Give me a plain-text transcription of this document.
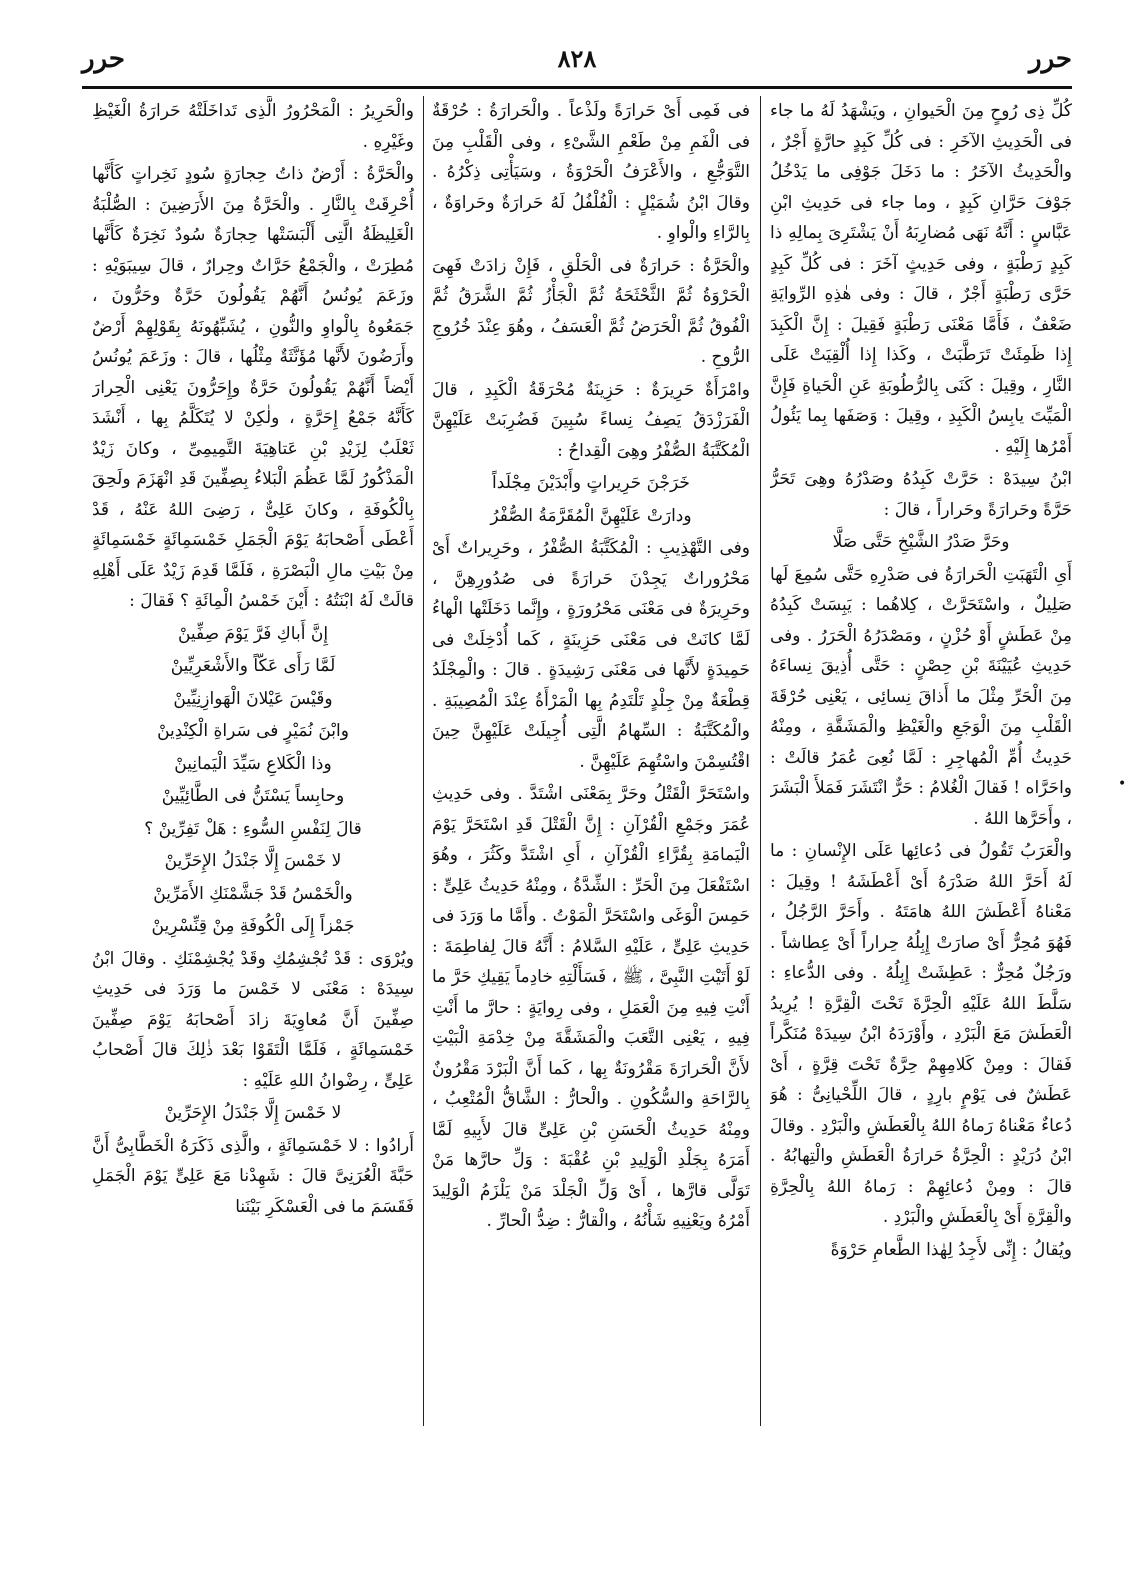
حرر
٨٢٨
حرر

كُلِّ ذِى رُوحٍ مِنَ الْحَيوانِ ، ويَشْهَدُ لَهُ ما جاء فى الْحَدِيثِ الآخَرِ : فى كُلِّ كَبِدٍ حارَّةٍ أَجْرٌ ، والْحَدِيثُ الآخَرُ : ما دَخَلَ جَوْفِى ما يَدْخُلُ جَوْفَ حَرَّانِ كَبِدٍ ، وما جاء فى حَدِيثِ ابْنِ عَبَّاسٍ : أَنَّهُ نَهَى مُضارِبَهُ أَنْ يَشْتَرِىَ بِمالِهِ ذا كَبِدٍ رَطْبَةٍ ، وفى حَدِيثٍ آخَرَ : فى كُلِّ كَبِدٍ حَرَّى رَطْبَةٍ أَجْرٌ ، قالَ : وفى هٰذِهِ الرِّوايَةِ ضَعْفٌ ، فَأَمَّا مَعْنَى رَطْبَةٍ فَقِيلَ : إِنَّ الْكَبِدَ إِذا ظَمِئَتْ تَرَطَّبَتْ ، وكَذا إِذا أُلْقِيَتْ عَلَى النَّارِ ، وقِيلَ : كَنَى بِالرُّطُوبَةِ عَنِ الْحَياةِ فَإِنَّ الْمَيِّتَ يابِسُ الْكَبِدِ ، وقِيلَ : وَصَفَها بِما يَئُولُ أَمْرُها إِلَيْهِ .

ابْنُ سِيدَهْ : حَرَّتْ كَبِدُهُ وصَدْرُهُ وهِىَ تَحَرُّ حَرَّةً وحَرارَةً وحَراراً ، قالَ :

وحَرَّ صَدْرُ الشَّيْخِ حَتَّى صَلَّا

أَىِ الْتَهَبَتِ الْحَرارَةُ فى صَدْرِهِ حَتَّى سُمِعَ لَها صَلِيلٌ ، واسْتَحَرَّتْ ، كِلاهُما : يَبِسَتْ كَبِدُهُ مِنْ عَطَشٍ أَوْ حُزْنٍ ، ومَصْدَرُهُ الْحَرَرُ . وفى حَدِيثِ عُيَيْنَةَ بْنِ حِصْنٍ : حَتَّى أُذِيقَ نِساءَهُ مِنَ الْحَرِّ مِثْلَ ما أَذاقَ نِسائِى ، يَعْنِى حُرْقَةَ الْقَلْبِ مِنَ الْوَجَعِ والْغَيْظِ والْمَشَقَّةِ ، ومِنْهُ حَدِيثُ أُمِّ الْمُهاجِرِ : لَمَّا نُعِىَ عُمَرُ قالَتْ : واحَرَّاه ! فَقالَ الْغُلامُ : حَرٌّ انْتَشَرَ فَمَلأَ الْبَشَرَ ، وأَحَرَّها اللهُ .

والْعَرَبُ تَقُولُ فى دُعائِها عَلَى الإِنْسانِ : ما لَهُ أَحَرَّ اللهُ صَدْرَهُ أَىْ أَعْطَشَهُ ! وقِيلَ : مَعْناهُ أَعْطَشَ اللهُ هامَتَهُ . وأَحَرَّ الرَّجُلُ ، فَهُوَ مُحِرٌّ أَىْ صارَتْ إِبِلُهُ حِراراً أَىْ عِطاشاً . ورَجُلٌ مُحِرٌّ : عَطِشَتْ إِبِلُهُ . وفى الدُّعاءِ : سَلَّطَ اللهُ عَلَيْهِ الْحِرَّةَ تَحْتَ الْقِرَّةِ ! يُرِيدُ الْعَطَشَ مَعَ الْبَرْدِ ، وأَوْرَدَهُ ابْنُ سِيدَهْ مُنَكَّراً فَقالَ : ومِنْ كَلامِهِمْ حِرَّةٌ تَحْتَ قِرَّةٍ ، أَىْ عَطَشٌ فى يَوْمٍ بارِدٍ ، قالَ اللِّحْيانِىُّ : هُوَ دُعاءٌ مَعْناهُ رَماهُ اللهُ بِالْعَطَشِ والْبَرْدِ . وقالَ ابْنُ دُرَيْدٍ : الْحِرَّةُ حَرارَةُ الْعَطَشِ والْتِهابُهُ . قالَ : ومِنْ دُعائِهِمْ : رَماهُ اللهُ بِالْحِرَّةِ والْقِرَّةِ أَىْ بِالْعَطَشِ والْبَرْدِ .

ويُقالُ : إِنِّى لأَجِدُ لِهٰذا الطَّعامِ حَرْوَةً

فى فَمِى أَىْ حَرارَةً ولَذْعاً . والْحَرارَةُ : حُرْقَةٌ فى الْفَمِ مِنْ طَعْمِ الشَّىْءِ ، وفى الْقَلْبِ مِنَ التَّوَجُّعِ ، والأَعْرَفُ الْحَرْوَةُ ، وسَيَأْتِى ذِكْرُهُ . وقالَ ابْنُ شُمَيْلٍ : الْفُلْفُلُ لَهُ حَرارَةٌ وحَراوَةٌ ، بِالرَّاءِ والْواوِ .

والْحَرَّةُ : حَرارَةٌ فى الْحَلْقِ ، فَإِنْ زادَتْ فَهِىَ الْحَرْوَةُ ثُمَّ الثَّحْثَحَةُ ثُمَّ الْجَأْزُ ثُمَّ الشَّرَقُ ثُمَّ الْفُوقُ ثُمَّ الْحَرَضُ ثُمَّ الْعَسَفُ ، وهُوَ عِنْدَ خُرُوجِ الرُّوحِ .

وامْرَأَةٌ حَرِيرَةٌ : حَزِينَةٌ مُحْرَقَةُ الْكَبِدِ ، قالَ الْفَرَزْدَقُ يَصِفُ نِساءً سُبِينَ فَضُرِبَتْ عَلَيْهِنَّ الْمُكَتَّبَةُ الصُّفْرُ وهِىَ الْقِداحُ :

خَرَجْنَ حَرِيراتٍ وأَبْدَيْنَ مِجْلَداً

ودارَتْ عَلَيْهِنَّ الْمُقَرَّمَةُ الصُّفْرُ

وفى التَّهْذِيبِ : الْمُكَتَّبَةُ الصُّفْرُ ، وحَرِيراتٌ أَىْ مَحْرُوراتٌ يَجِدْنَ حَرارَةً فى صُدُورِهِنَّ ، وحَرِيرَةٌ فى مَعْنَى مَحْرُورَةٍ ، وإِنَّما دَخَلَتْها الْهاءُ لَمَّا كانَتْ فى مَعْنَى حَزِينَةٍ ، كَما أُدْخِلَتْ فى حَمِيدَةٍ لأَنَّها فى مَعْنَى رَشِيدَةٍ . قالَ : والْمِجْلَدُ قِطْعَةٌ مِنْ جِلْدٍ تَلْتَدِمُ بِها الْمَرْأَةُ عِنْدَ الْمُصِيبَةِ . والْمُكَتَّبَةُ : السِّهامُ الَّتِى أُجِيلَتْ عَلَيْهِنَّ حِينَ اقْتُسِمْنَ واسْتُهِمَ عَلَيْهِنَّ .

واسْتَحَرَّ الْقَتْلُ وحَرَّ بِمَعْنَى اشْتَدَّ . وفى حَدِيثِ عُمَرَ وجَمْعِ الْقُرْآنِ : إِنَّ الْقَتْلَ قَدِ اسْتَحَرَّ يَوْمَ الْيَمامَةِ بِقُرَّاءِ الْقُرْآنِ ، أَىِ اشْتَدَّ وكَثُرَ ، وهُوَ اسْتَفْعَلَ مِنَ الْحَرِّ : الشِّدَّةُ ، ومِنْهُ حَدِيثُ عَلِىٍّ : حَمِسَ الْوَغَى واسْتَحَرَّ الْمَوْتُ . وأَمَّا ما وَرَدَ فى حَدِيثِ عَلِىٍّ ، عَلَيْهِ السَّلامُ : أَنَّهُ قالَ لِفاطِمَةَ : لَوْ أَتَيْتِ النَّبِىَّ ، ﷺ ، فَسَأَلْتِهِ خادِماً يَقِيكِ حَرَّ ما أَنْتِ فِيهِ مِنَ الْعَمَلِ ، وفى رِوايَةٍ : حارَّ ما أَنْتِ فِيهِ ، يَعْنِى التَّعَبَ والْمَشَقَّةَ مِنْ خِدْمَةِ الْبَيْتِ لأَنَّ الْحَرارَةَ مَقْرُونَةٌ بِها ، كَما أَنَّ الْبَرْدَ مَقْرُونٌ بِالرَّاحَةِ والسُّكُونِ . والْحارُّ : الشَّاقُّ الْمُتْعِبُ ، ومِنْهُ حَدِيثُ الْحَسَنِ بْنِ عَلِىٍّ قالَ لأَبِيهِ لَمَّا أَمَرَهُ بِجَلْدِ الْوَلِيدِ بْنِ عُقْبَةَ : وَلِّ حارَّها مَنْ تَوَلَّى قارَّها ، أَىْ وَلِّ الْجَلْدَ مَنْ يَلْزَمُ الْوَلِيدَ أَمْرُهُ ويَعْنِيهِ شَأْنُهُ ، والْقارُّ : ضِدُّ الْحارِّ .

والْحَرِيرُ : الْمَحْرُورُ الَّذِى تَداخَلَتْهُ حَرارَةُ الْغَيْظِ وغَيْرِهِ .

والْحَرَّةُ : أَرْضٌ ذاتُ حِجارَةٍ سُودٍ نَخِراتٍ كَأَنَّها أُحْرِقَتْ بِالنَّارِ . والْحَرَّةُ مِنَ الأَرَضِينَ : الصُّلْبَةُ الْغَلِيظَةُ الَّتِى أَلْبَسَتْها حِجارَةٌ سُودٌ نَخِرَةٌ كَأَنَّها مُطِرَتْ ، والْجَمْعُ حَرَّاتٌ وحِرارٌ ، قالَ سِيبَوَيْهِ : وزَعَمَ يُونُسُ أَنَّهُمْ يَقُولُونَ حَرَّةٌ وحَرُّونَ ، جَمَعُوهُ بِالْواوِ والنُّونِ ، يُشَبِّهُونَهُ بِقَوْلِهِمْ أَرْضٌ وأَرَضُونَ لأَنَّها مُؤَنَّثَةٌ مِثْلُها ، قالَ : وزَعَمَ يُونُسُ أَيْضاً أَنَّهُمْ يَقُولُونَ حَرَّةٌ وإِحَرُّونَ يَعْنِى الْحِرارَ كَأَنَّهُ جَمْعُ إِحَرَّةٍ ، ولٰكِنْ لا يُتَكَلَّمُ بِها ، أَنْشَدَ ثَعْلَبٌ لِزَيْدِ بْنِ عَتاهِيَةَ التَّمِيمِىِّ ، وكانَ زَيْدٌ الْمَذْكُورُ لَمَّا عَظُمَ الْبَلاءُ بِصِفِّينَ قَدِ انْهَزَمَ ولَحِقَ بِالْكُوفَةِ ، وكانَ عَلِىٌّ ، رَضِىَ اللهُ عَنْهُ ، قَدْ أَعْطَى أَصْحابَهُ يَوْمَ الْجَمَلِ خَمْسَمِائَةٍ خَمْسَمِائَةٍ مِنْ بَيْتِ مالِ الْبَصْرَةِ ، فَلَمَّا قَدِمَ زَيْدٌ عَلَى أَهْلِهِ قالَتْ لَهُ ابْنَتُهُ : أَيْنَ خَمْسُ الْمِائَةِ ؟ فَقالَ :

إِنَّ أَباكِ فَرَّ يَوْمَ صِفِّينْ

لَمَّا رَأَى عَكّاً والأَشْعَرِيِّينْ

وقَيْسَ عَيْلانَ الْهَوازِنِيِّينْ

وابْنَ نُمَيْرٍ فى سَراةِ الْكِنْدِينْ

وذا الْكَلاعِ سَيِّدَ الْيَمانِينْ

وحابِساً يَسْتَنُّ فى الطَّائِيِّينْ

قالَ لِنَفْسِ السُّوءِ : هَلْ تَفِرِّينْ ؟

لا خَمْسَ إِلَّا جَنْدَلُ الإِحَرِّينْ

والْخَمْسُ قَدْ جَشَّمْنَكِ الأَمَرِّينْ

جَمْزاً إِلَى الْكُوفَةِ مِنْ قِنِّسْرِينْ

ويُرْوَى : قَدْ تُجْشِمُكِ وقَدْ يُجْشِمْنَكِ . وقالَ ابْنُ سِيدَهْ : مَعْنَى لا خَمْسَ ما وَرَدَ فى حَدِيثِ صِفِّينَ أَنَّ مُعاوِيَةَ زادَ أَصْحابَهُ يَوْمَ صِفِّينَ خَمْسَمِائَةٍ ، فَلَمَّا الْتَقَوْا بَعْدَ ذٰلِكَ قالَ أَصْحابُ عَلِىٍّ ، رِضْوانُ اللهِ عَلَيْهِ :

لا خَمْسَ إِلَّا جَنْدَلُ الإِحَرِّينْ

أَرادُوا : لا خَمْسَمِائَةٍ ، والَّذِى ذَكَرَهُ الْخَطَّابِىُّ أَنَّ حَبَّةَ الْعُرَنِىَّ قالَ : شَهِدْنا مَعَ عَلِىٍّ يَوْمَ الْجَمَلِ فَقَسَمَ ما فى الْعَسْكَرِ بَيْنَنا

•
